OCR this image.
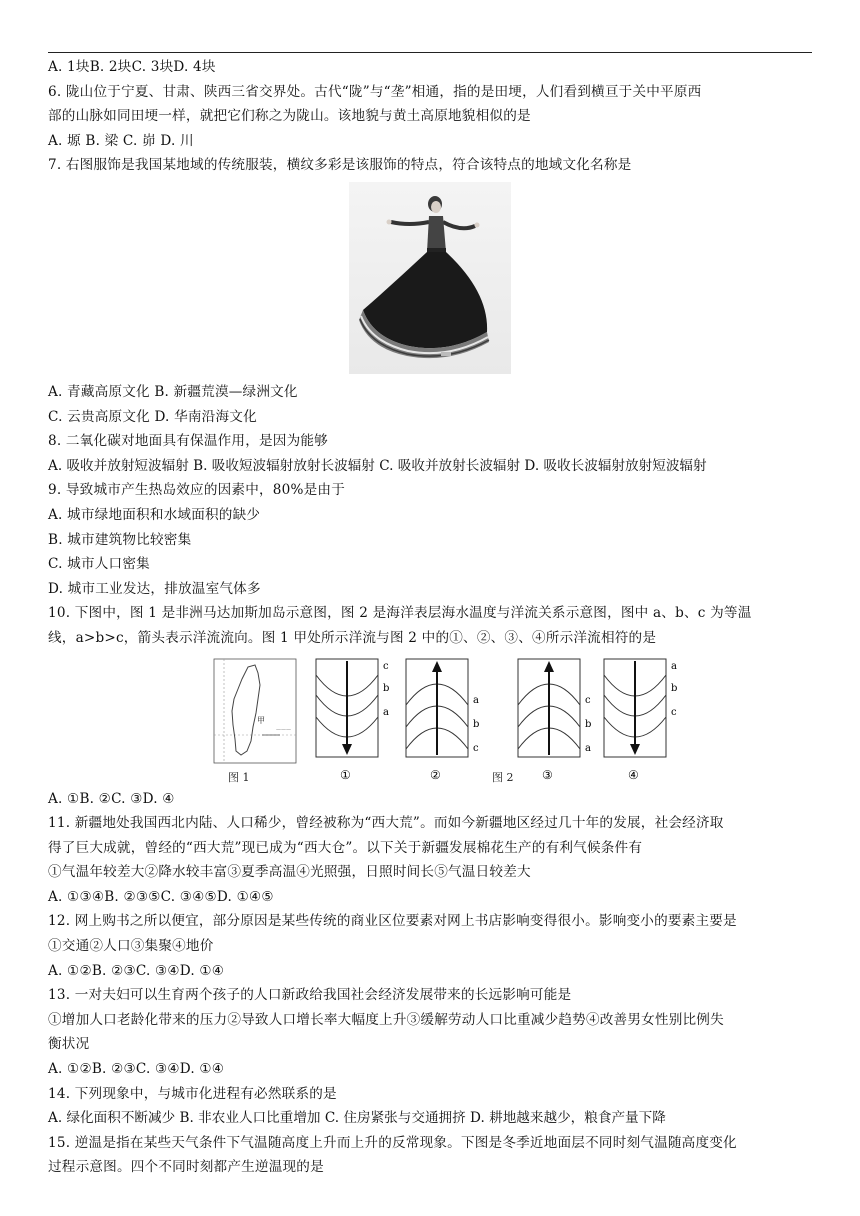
A. 1块B. 2块C. 3块D. 4块
6. 陇山位于宁夏、甘肃、陕西三省交界处。古代“陇”与“垄”相通，指的是田埂，人们看到横亘于关中平原西
部的山脉如同田埂一样，就把它们称之为陇山。该地貌与黄土高原地貌相似的是
A. 塬 B. 梁 C. 峁 D. 川
7. 右图服饰是我国某地域的传统服装，横纹多彩是该服饰的特点，符合该特点的地域文化名称是
A. 青藏高原文化 B. 新疆荒漠—绿洲文化
C. 云贵高原文化 D. 华南沿海文化
8. 二氧化碳对地面具有保温作用，是因为能够
A. 吸收并放射短波辐射 B. 吸收短波辐射放射长波辐射 C. 吸收并放射长波辐射 D. 吸收长波辐射放射短波辐射
9. 导致城市产生热岛效应的因素中，80%是由于
A. 城市绿地面积和水域面积的缺少
B. 城市建筑物比较密集
C. 城市人口密集
D. 城市工业发达，排放温室气体多
10. 下图中，图 1 是非洲马达加斯加岛示意图，图 2 是海洋表层海水温度与洋流关系示意图，图中 a、b、c 为等温
线，a>b>c，箭头表示洋流流向。图 1 甲处所示洋流与图 2 中的①、②、③、④所示洋流相符的是
甲
———
图 1
c
b
a
①
a
b
c
②	图 2
c
b
a
③
a
b
c
④
A. ①B. ②C. ③D. ④
11. 新疆地处我国西北内陆、人口稀少，曾经被称为“西大荒”。而如今新疆地区经过几十年的发展，社会经济取
得了巨大成就，曾经的“西大荒”现已成为“西大仓”。以下关于新疆发展棉花生产的有利气候条件有
①气温年较差大②降水较丰富③夏季高温④光照强，日照时间长⑤气温日较差大
A. ①③④B. ②③⑤C. ③④⑤D. ①④⑤
12. 网上购书之所以便宜，部分原因是某些传统的商业区位要素对网上书店影响变得很小。影响变小的要素主要是
①交通②人口③集聚④地价
A. ①②B. ②③C. ③④D. ①④
13. 一对夫妇可以生育两个孩子的人口新政给我国社会经济发展带来的长远影响可能是
①增加人口老龄化带来的压力②导致人口增长率大幅度上升③缓解劳动人口比重减少趋势④改善男女性别比例失
衡状况
A. ①②B. ②③C. ③④D. ①④
14. 下列现象中，与城市化进程有必然联系的是
A. 绿化面积不断减少 B. 非农业人口比重增加 C. 住房紧张与交通拥挤 D. 耕地越来越少，粮食产量下降
15. 逆温是指在某些天气条件下气温随高度上升而上升的反常现象。下图是冬季近地面层不同时刻气温随高度变化
过程示意图。四个不同时刻都产生逆温现的是
